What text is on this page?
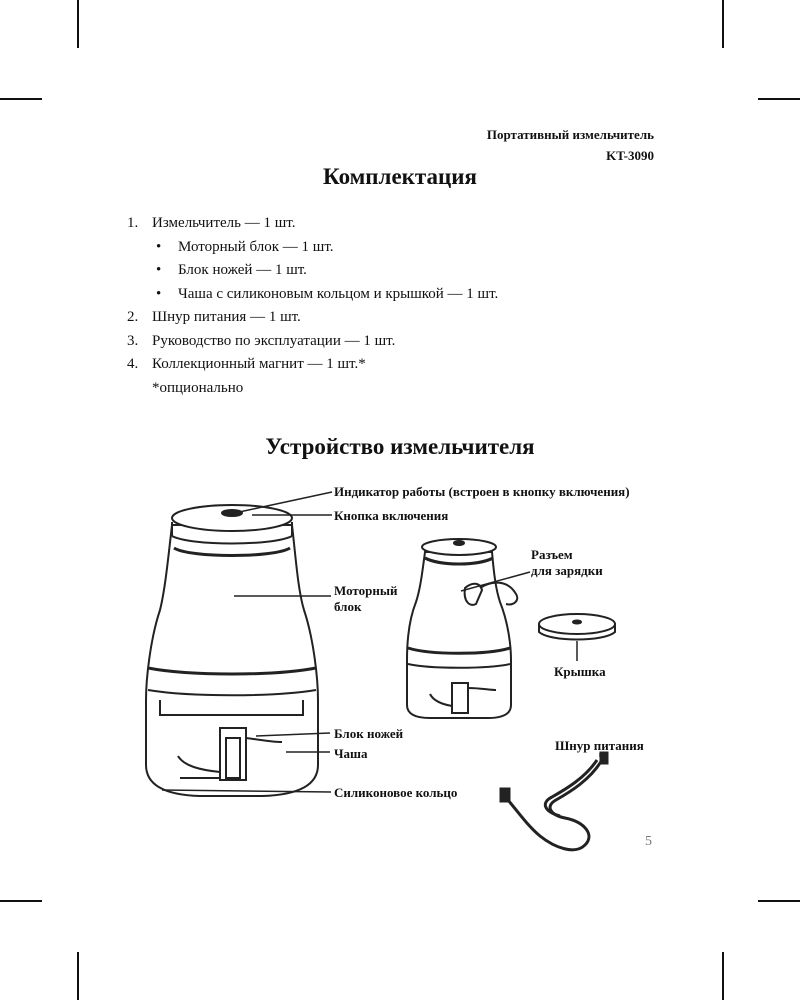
Портативный измельчитель
KT-3090
Комплектация
1. Измельчитель — 1 шт.
• Моторный блок — 1 шт.
• Блок ножей — 1 шт.
• Чаша с силиконовым кольцом и крышкой — 1 шт.
2. Шнур питания — 1 шт.
3. Руководство по эксплуатации — 1 шт.
4. Коллекционный магнит — 1 шт.*
*опционально
Устройство измельчителя
Индикатор работы (встроен в кнопку включения)
Кнопка включения
Моторный
блок
Разъем
для зарядки
Крышка
Блок ножей
Чаша
Шнур питания
Силиконовое кольцо
5
